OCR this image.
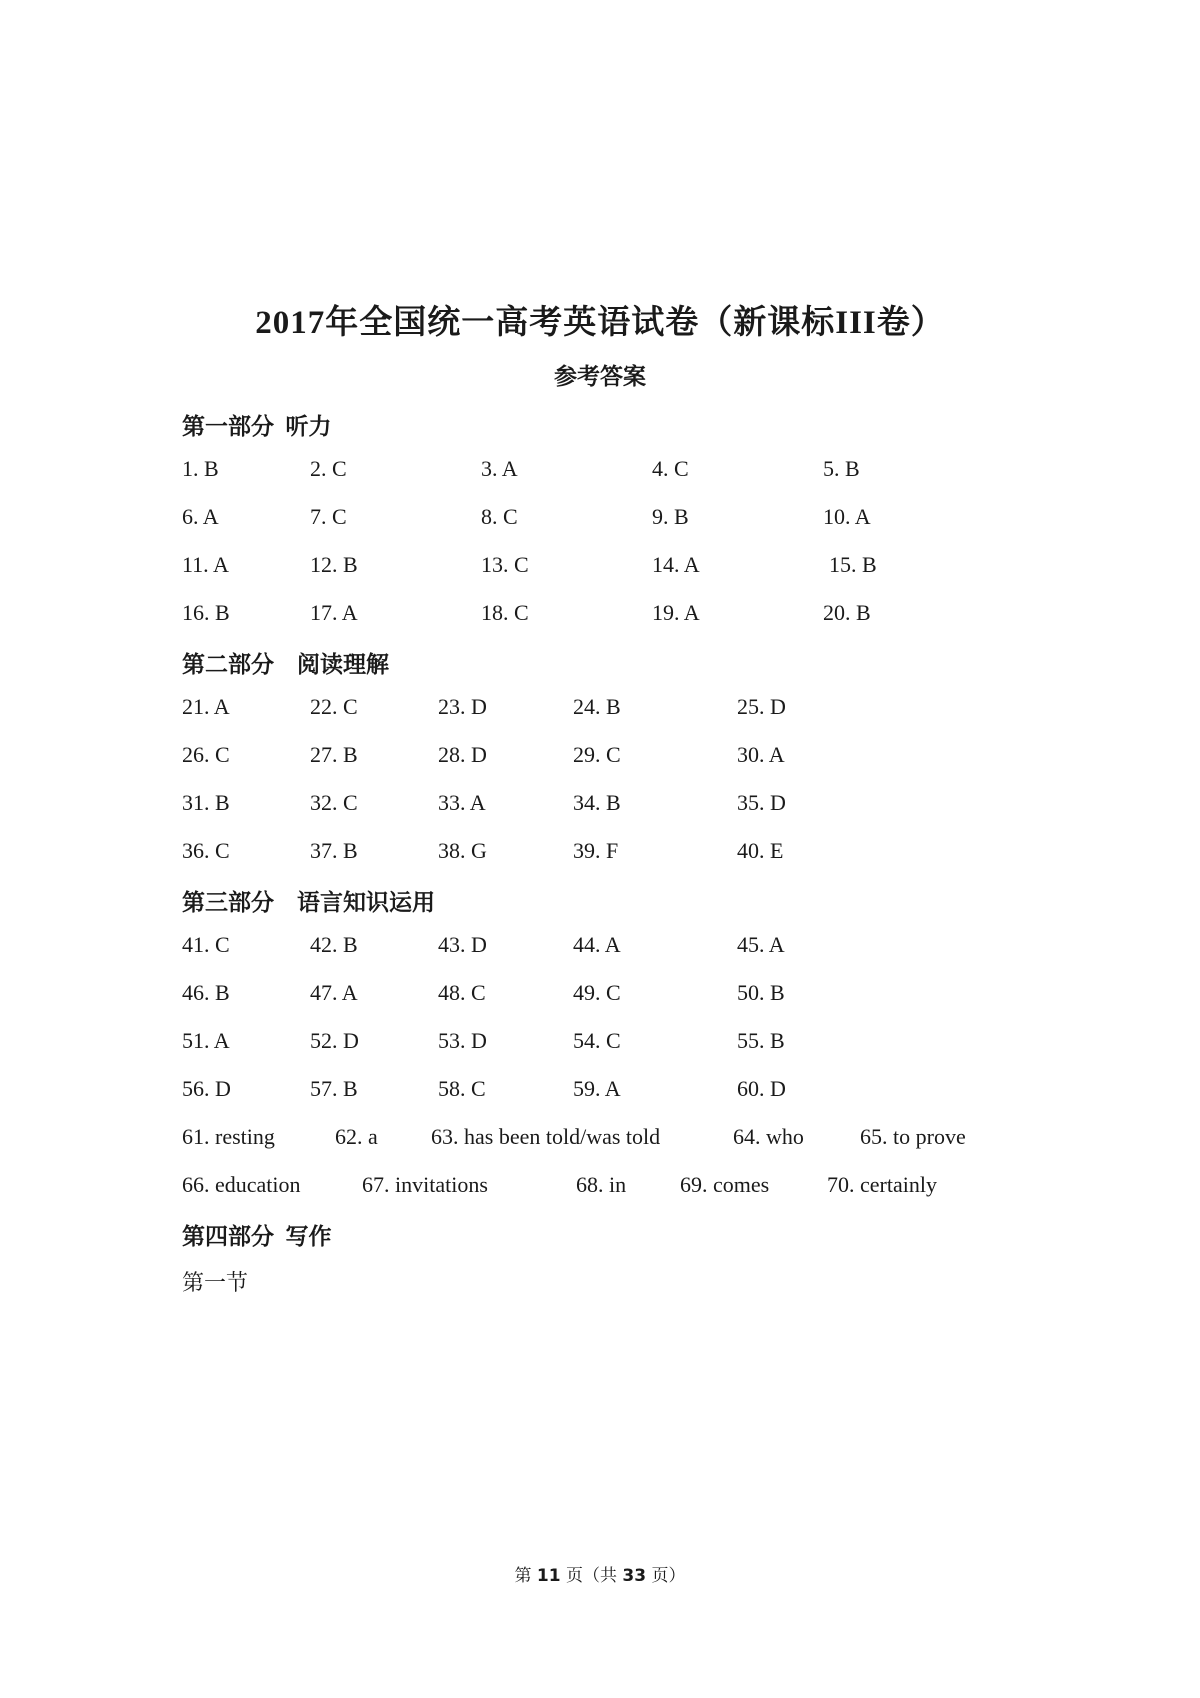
2017年全国统一高考英语试卷（新课标III卷）
参考答案
第一部分  听力
1. B	2. C	3. A	4. C	5. B
6. A	7. C	8. C	9. B	10. A
11. A	12. B	13. C	14. A	15. B
16. B	17. A	18. C	19. A	20. B
第二部分    阅读理解
21. A	22. C	23. D	24. B	25. D
26. C	27. B	28. D	29. C	30. A
31. B	32. C	33. A	34. B	35. D
36. C	37. B	38. G	39. F	40. E
第三部分    语言知识运用
41. C	42. B	43. D	44. A	45. A
46. B	47. A	48. C	49. C	50. B
51. A	52. D	53. D	54. C	55. B
56. D	57. B	58. C	59. A	60. D
61. resting	62. a 63. has been told/was told	64. who	65. to prove
66. education	67. invitations	68. in 69. comes	70. certainly
第四部分  写作
第一节
第 11 页（共 33 页）
